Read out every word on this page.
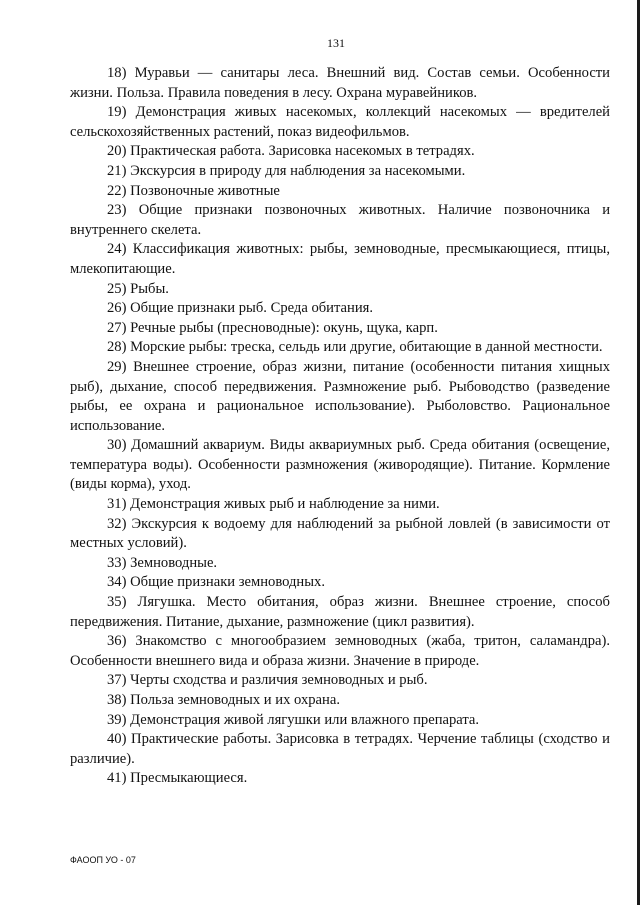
131

18) Муравьи — санитары леса. Внешний вид. Состав семьи. Особенности жизни. Польза. Правила поведения в лесу. Охрана муравейников.

19) Демонстрация живых насекомых, коллекций насекомых — вредителей сельскохозяйственных растений, показ видеофильмов.

20) Практическая работа. Зарисовка насекомых в тетрадях.

21) Экскурсия в природу для наблюдения за насекомыми.

22) Позвоночные животные

23) Общие признаки позвоночных животных. Наличие позвоночника и внутреннего скелета.

24) Классификация животных: рыбы, земноводные, пресмыкающиеся, птицы, млекопитающие.

25) Рыбы.

26) Общие признаки рыб. Среда обитания.

27) Речные рыбы (пресноводные): окунь, щука, карп.

28) Морские рыбы: треска, сельдь или другие, обитающие в данной местности.

29) Внешнее строение, образ жизни, питание (особенности питания хищных рыб), дыхание, способ передвижения. Размножение рыб. Рыбоводство (разведение рыбы, ее охрана и рациональное использование). Рыболовство. Рациональное использование.

30) Домашний аквариум. Виды аквариумных рыб. Среда обитания (освещение, температура воды). Особенности размножения (живородящие). Питание. Кормление (виды корма), уход.

31) Демонстрация живых рыб и наблюдение за ними.

32) Экскурсия к водоему для наблюдений за рыбной ловлей (в зависимости от местных условий).

33) Земноводные.

34) Общие признаки земноводных.

35) Лягушка. Место обитания, образ жизни. Внешнее строение, способ передвижения. Питание, дыхание, размножение (цикл развития).

36) Знакомство с многообразием земноводных (жаба, тритон, саламандра). Особенности внешнего вида и образа жизни. Значение в природе.

37) Черты сходства и различия земноводных и рыб.

38) Польза земноводных и их охрана.

39) Демонстрация живой лягушки или влажного препарата.

40) Практические работы. Зарисовка в тетрадях. Черчение таблицы (сходство и различие).

41) Пресмыкающиеся.

ФАООП УО - 07
